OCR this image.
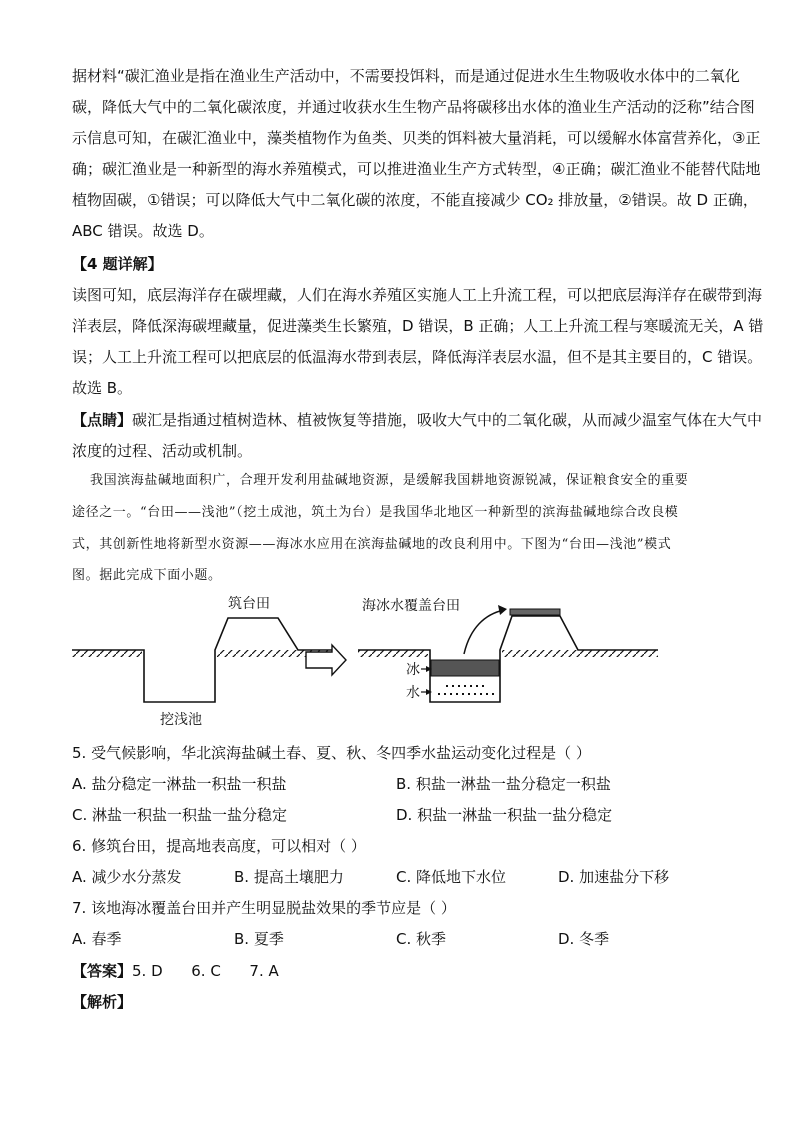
据材料“碳汇渔业是指在渔业生产活动中，不需要投饵料，而是通过促进水生生物吸收水体中的二氧化
碳，降低大气中的二氧化碳浓度，并通过收获水生生物产品将碳移出水体的渔业生产活动的泛称”结合图
示信息可知，在碳汇渔业中，藻类植物作为鱼类、贝类的饵料被大量消耗，可以缓解水体富营养化，③正
确；碳汇渔业是一种新型的海水养殖模式，可以推进渔业生产方式转型，④正确；碳汇渔业不能替代陆地
植物固碳，①错误；可以降低大气中二氧化碳的浓度，不能直接减少 CO₂ 排放量，②错误。故 D 正确，
ABC 错误。故选 D。
【4 题详解】
读图可知，底层海洋存在碳埋藏，人们在海水养殖区实施人工上升流工程，可以把底层海洋存在碳带到海
洋表层，降低深海碳埋藏量，促进藻类生长繁殖，D 错误，B 正确；人工上升流工程与寒暖流无关，A 错
误；人工上升流工程可以把底层的低温海水带到表层，降低海洋表层水温，但不是其主要目的，C 错误。
故选 B。
【点睛】碳汇是指通过植树造林、植被恢复等措施，吸收大气中的二氧化碳，从而减少温室气体在大气中
浓度的过程、活动或机制。
我国滨海盐碱地面积广，合理开发利用盐碱地资源，是缓解我国耕地资源锐减，保证粮食安全的重要
途径之一。“台田——浅池”（挖土成池，筑土为台）是我国华北地区一种新型的滨海盐碱地综合改良模
式，其创新性地将新型水资源——海冰水应用在滨海盐碱地的改良利用中。下图为“台田—浅池”模式
图。据此完成下面小题。
筑台田
挖浅池
海冰水覆盖台田
冰
水
5. 受气候影响，华北滨海盐碱土春、夏、秋、冬四季水盐运动变化过程是（ ）
A. 盐分稳定一淋盐一积盐一积盐	B. 积盐一淋盐一盐分稳定一积盐
C. 淋盐一积盐一积盐一盐分稳定	D. 积盐一淋盐一积盐一盐分稳定
6. 修筑台田，提高地表高度，可以相对（ ）
A. 减少水分蒸发	B. 提高土壤肥力	C. 降低地下水位	D. 加速盐分下移
7. 该地海冰覆盖台田并产生明显脱盐效果的季节应是（ ）
A. 春季	B. 夏季	C. 秋季	D. 冬季
【答案】5. D      6. C      7. A
【解析】
